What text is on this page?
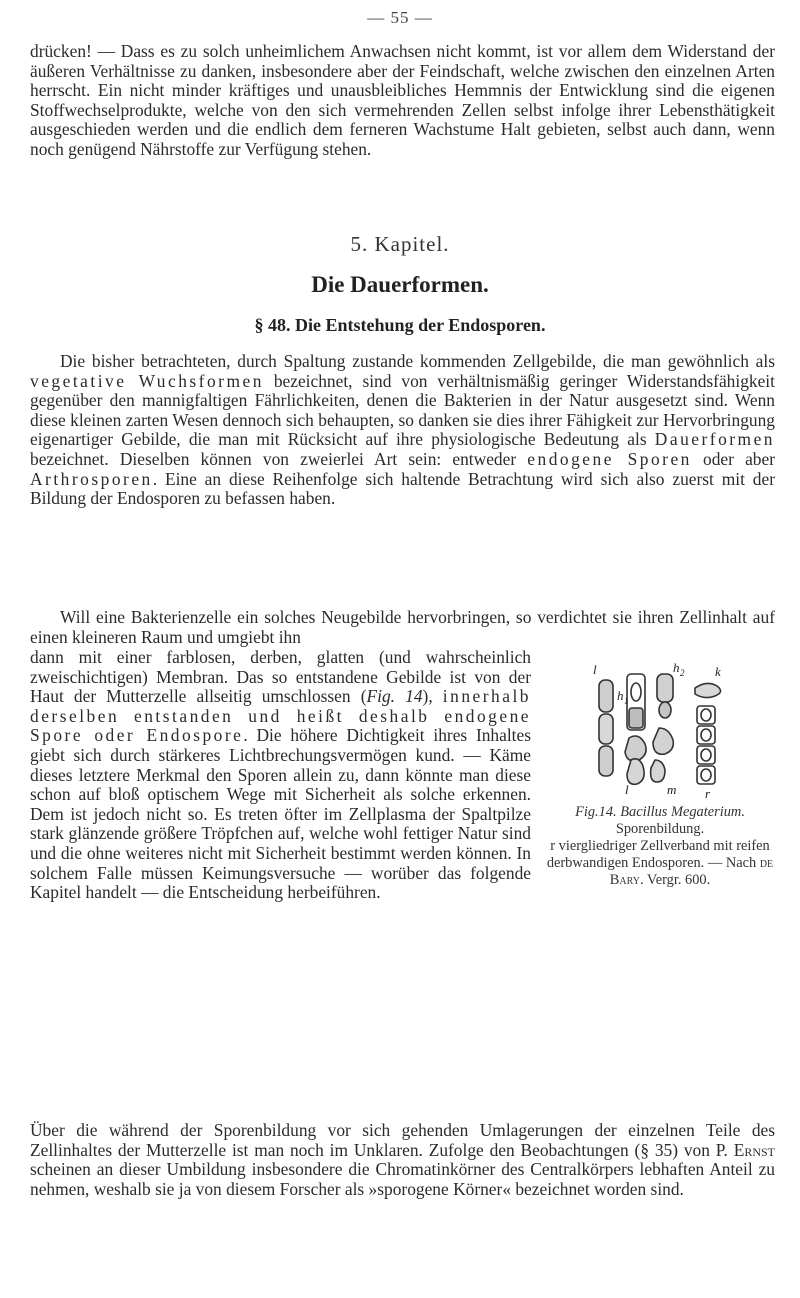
— 55 —

drücken! — Dass es zu solch unheimlichem Anwachsen nicht kommt, ist vor allem dem Widerstand der äußeren Verhältnisse zu danken, insbesondere aber der Feindschaft, welche zwischen den einzelnen Arten herrscht. Ein nicht minder kräftiges und unausbleibliches Hemmnis der Entwicklung sind die eigenen Stoffwechselprodukte, welche von den sich vermehrenden Zellen selbst infolge ihrer Lebensthätigkeit ausgeschieden werden und die endlich dem ferneren Wachstume Halt gebieten, selbst auch dann, wenn noch genügend Nährstoffe zur Verfügung stehen.

5. Kapitel.
Die Dauerformen.
§ 48. Die Entstehung der Endosporen.

Die bisher betrachteten, durch Spaltung zustande kommenden Zellgebilde, die man gewöhnlich als vegetative Wuchsformen bezeichnet, sind von verhältnismäßig geringer Widerstandsfähigkeit gegenüber den mannigfaltigen Fährlichkeiten, denen die Bakterien in der Natur ausgesetzt sind. Wenn diese kleinen zarten Wesen dennoch sich behaupten, so danken sie dies ihrer Fähigkeit zur Hervorbringung eigenartiger Gebilde, die man mit Rücksicht auf ihre physiologische Bedeutung als Dauerformen bezeichnet. Dieselben können von zweierlei Art sein: entweder endogene Sporen oder aber Arthrosporen. Eine an diese Reihenfolge sich haltende Betrachtung wird sich also zuerst mit der Bildung der Endosporen zu befassen haben.

Will eine Bakterienzelle ein solches Neugebilde hervorbringen, so verdichtet sie ihren Zellinhalt auf einen kleineren Raum und umgiebt ihn

l
h 1
h 2 k
l	m r
Fig.14. Bacillus Megaterium.
Sporenbildung.
r viergliedriger Zellverband mit reifen derbwandigen Endosporen. — Nach de Bary. Vergr. 600.

dann mit einer farblosen, derben, glatten (und wahrscheinlich zweischichtigen) Membran. Das so entstandene Gebilde ist von der Haut der Mutterzelle allseitig umschlossen (Fig. 14), innerhalb derselben entstanden und heißt deshalb endogene Spore oder Endospore. Die höhere Dichtigkeit ihres Inhaltes giebt sich durch stärkeres Lichtbrechungsvermögen kund. — Käme dieses letztere Merkmal den Sporen allein zu, dann könnte man diese schon auf bloß optischem Wege mit Sicherheit als solche erkennen. Dem ist jedoch nicht so. Es treten öfter im Zellplasma der Spaltpilze stark glänzende größere Tröpfchen auf, welche wohl fettiger Natur sind und die ohne weiteres nicht mit Sicherheit bestimmt werden können. In solchem Falle müssen Keimungsversuche — worüber das folgende Kapitel handelt — die Entscheidung herbeiführen.

Über die während der Sporenbildung vor sich gehenden Umlagerungen der einzelnen Teile des Zellinhaltes der Mutterzelle ist man noch im Unklaren. Zufolge den Beobachtungen (§ 35) von P. Ernst scheinen an dieser Umbildung insbesondere die Chromatinkörner des Centralkörpers lebhaften Anteil zu nehmen, weshalb sie ja von diesem Forscher als »sporogene Körner« bezeichnet worden sind.
